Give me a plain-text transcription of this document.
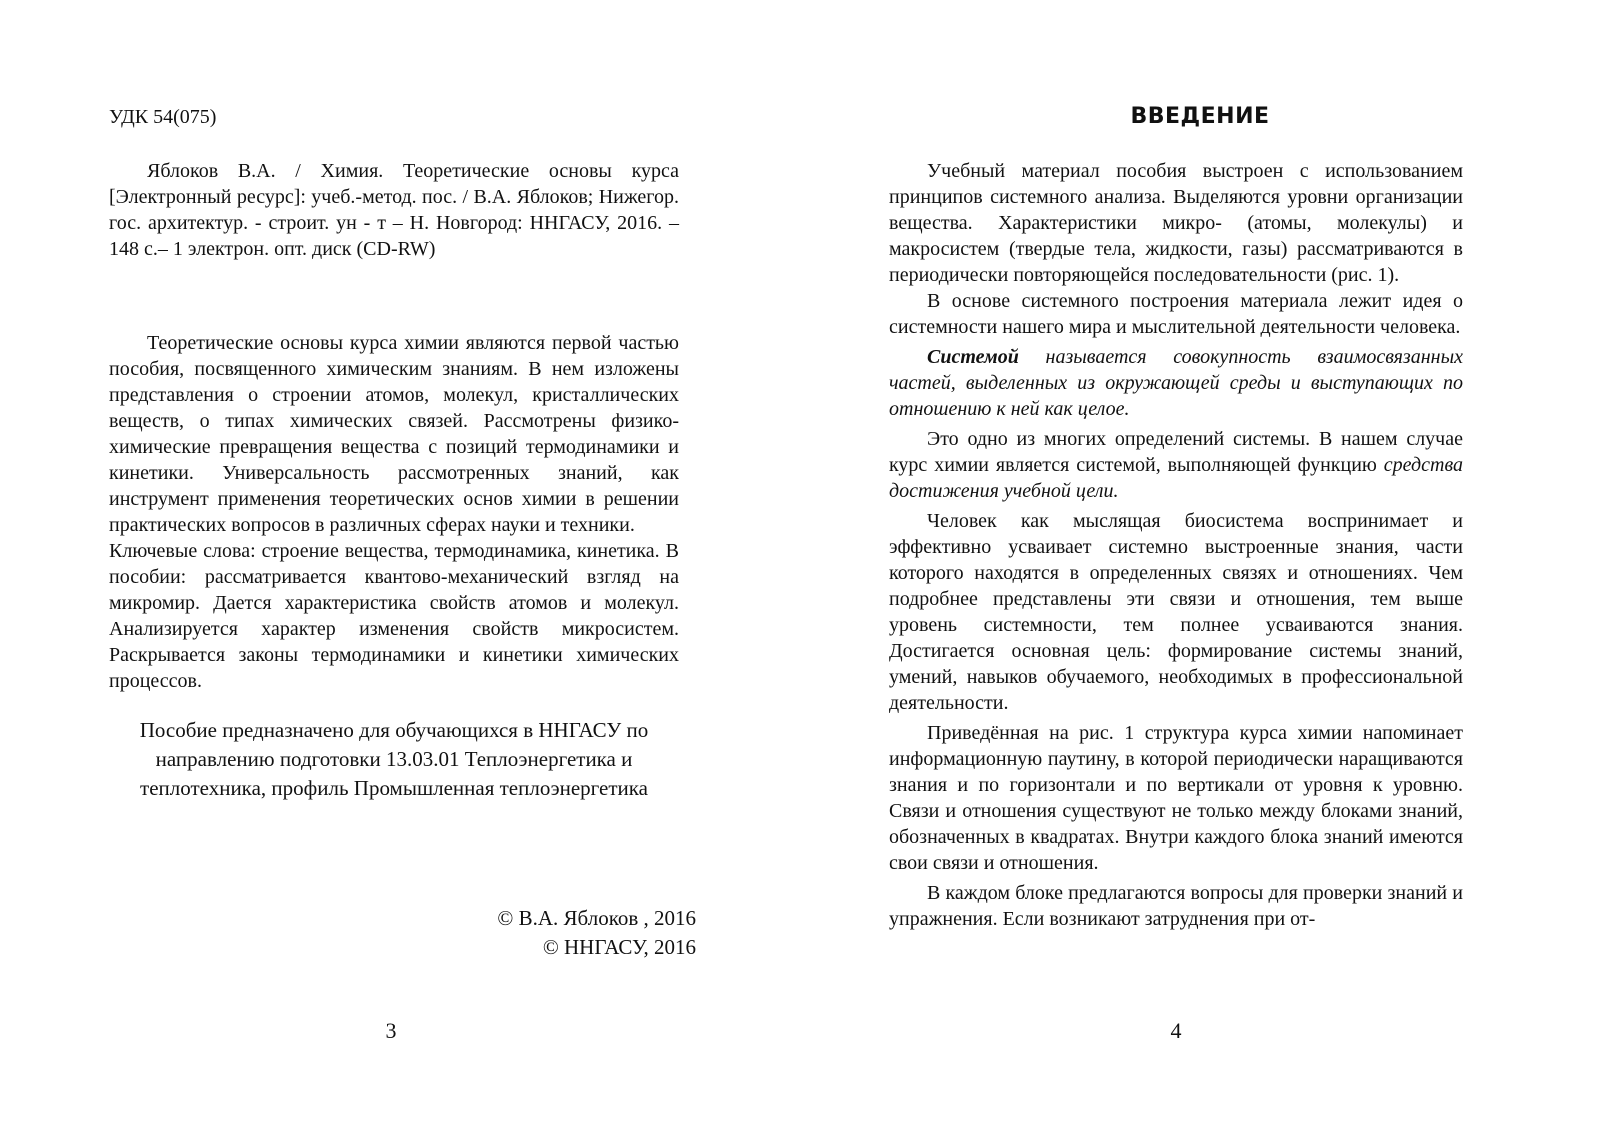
УДК 54(075)

Яблоков В.А. / Химия. Теоретические основы курса [Электронный ресурс]: учеб.-метод. пос. / В.А. Яблоков; Нижегор. гос. архитектур. - строит. ун - т – Н. Новгород: ННГАСУ, 2016. – 148 с.– 1 электрон. опт. диск (CD-RW)

Теоретические основы курса химии являются первой частью пособия, посвященного химическим знаниям. В нем изложены представления о строении атомов, молекул, кристаллических веществ, о типах химических связей. Рассмотрены физико-химические превращения вещества с позиций термодинамики и кинетики. Универсальность рассмотренных знаний, как инструмент применения теоретических основ химии в решении практических вопросов в различных сферах науки и техники.

Ключевые слова: строение вещества, термодинамика, кинетика. В пособии: рассматривается квантово-механический взгляд на микромир. Дается характеристика свойств атомов и молекул. Анализируется характер изменения свойств микросистем. Раскрывается законы термодинамики и кинетики химических процессов.

Пособие предназначено для обучающихся в ННГАСУ по направлению подготовки 13.03.01 Теплоэнергетика и теплотехника, профиль Промышленная теплоэнергетика

© В.А. Яблоков , 2016
© ННГАСУ, 2016
3
ВВЕДЕНИЕ

Учебный материал пособия выстроен с использованием принципов системного анализа. Выделяются уровни организации вещества. Характеристики микро- (атомы, молекулы) и макросистем (твердые тела, жидкости, газы) рассматриваются в периодически повторяющейся последовательности (рис. 1).

В основе системного построения материала лежит идея о системности нашего мира и мыслительной деятельности человека.

Системой называется совокупность взаимосвязанных частей, выделенных из окружающей среды и выступающих по отношению к ней как целое.

Это одно из многих определений системы. В нашем случае курс химии является системой, выполняющей функцию средства достижения учебной цели.

Человек как мыслящая биосистема воспринимает и эффективно усваивает системно выстроенные знания, части которого находятся в определенных связях и отношениях. Чем подробнее представлены эти связи и отношения, тем выше уровень системности, тем полнее усваиваются знания. Достигается основная цель: формирование системы знаний, умений, навыков обучаемого, необходимых в профессиональной деятельности.

Приведённая на рис. 1 структура курса химии напоминает информационную паутину, в которой периодически наращиваются знания и по горизонтали и по вертикали от уровня к уровню. Связи и отношения существуют не только между блоками знаний, обозначенных в квадратах. Внутри каждого блока знаний имеются свои связи и отношения.

В каждом блоке предлагаются вопросы для проверки знаний и упражнения. Если возникают затруднения при от-

4
